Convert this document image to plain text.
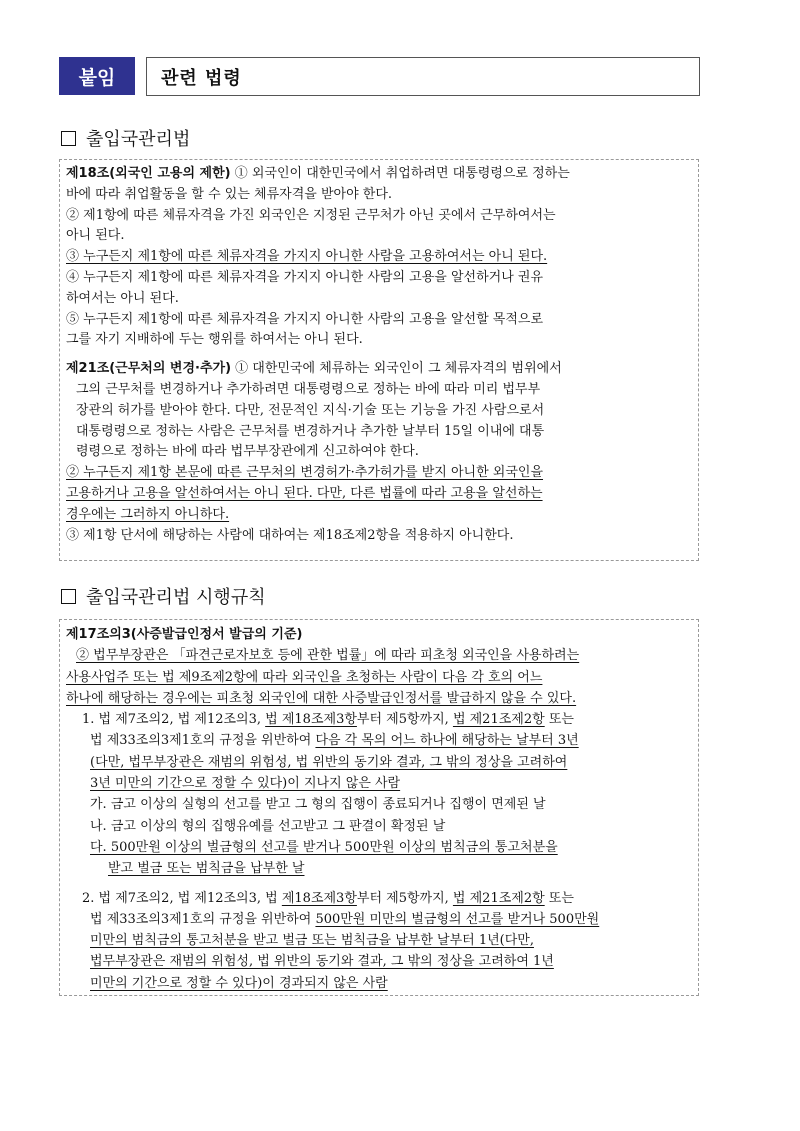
붙임	관련 법령
출입국관리법
제18조(외국인 고용의 제한) ① 외국인이 대한민국에서 취업하려면 대통령령으로 정하는
바에 따라 취업활동을 할 수 있는 체류자격을 받아야 한다.
② 제1항에 따른 체류자격을 가진 외국인은 지정된 근무처가 아닌 곳에서 근무하여서는
아니 된다.
③ 누구든지 제1항에 따른 체류자격을 가지지 아니한 사람을 고용하여서는 아니 된다.
④ 누구든지 제1항에 따른 체류자격을 가지지 아니한 사람의 고용을 알선하거나 권유
하여서는 아니 된다.
⑤ 누구든지 제1항에 따른 체류자격을 가지지 아니한 사람의 고용을 알선할 목적으로
그를 자기 지배하에 두는 행위를 하여서는 아니 된다.
제21조(근무처의 변경·추가) ① 대한민국에 체류하는 외국인이 그 체류자격의 범위에서
그의 근무처를 변경하거나 추가하려면 대통령령으로 정하는 바에 따라 미리 법무부
장관의 허가를 받아야 한다. 다만, 전문적인 지식·기술 또는 기능을 가진 사람으로서
대통령령으로 정하는 사람은 근무처를 변경하거나 추가한 날부터 15일 이내에 대통
령령으로 정하는 바에 따라 법무부장관에게 신고하여야 한다.
② 누구든지 제1항 본문에 따른 근무처의 변경허가·추가허가를 받지 아니한 외국인을
고용하거나 고용을 알선하여서는 아니 된다. 다만, 다른 법률에 따라 고용을 알선하는
경우에는 그러하지 아니하다.
③ 제1항 단서에 해당하는 사람에 대하여는 제18조제2항을 적용하지 아니한다.
출입국관리법 시행규칙
제17조의3(사증발급인정서 발급의 기준)
② 법무부장관은 「파견근로자보호 등에 관한 법률」에 따라 피초청 외국인을 사용하려는
사용사업주 또는 법 제9조제2항에 따라 외국인을 초청하는 사람이 다음 각 호의 어느
하나에 해당하는 경우에는 피초청 외국인에 대한 사증발급인정서를 발급하지 않을 수 있다.
1. 법 제7조의2, 법 제12조의3, 법 제18조제3항부터 제5항까지, 법 제21조제2항 또는
법 제33조의3제1호의 규정을 위반하여 다음 각 목의 어느 하나에 해당하는 날부터 3년
(다만, 법무부장관은 재범의 위험성, 법 위반의 동기와 결과, 그 밖의 정상을 고려하여
3년 미만의 기간으로 정할 수 있다)이 지나지 않은 사람
가. 금고 이상의 실형의 선고를 받고 그 형의 집행이 종료되거나 집행이 면제된 날
나. 금고 이상의 형의 집행유예를 선고받고 그 판결이 확정된 날
다. 500만원 이상의 벌금형의 선고를 받거나 500만원 이상의 범칙금의 통고처분을
받고 벌금 또는 범칙금을 납부한 날
2. 법 제7조의2, 법 제12조의3, 법 제18조제3항부터 제5항까지, 법 제21조제2항 또는
법 제33조의3제1호의 규정을 위반하여 500만원 미만의 벌금형의 선고를 받거나 500만원
미만의 범칙금의 통고처분을 받고 벌금 또는 범칙금을 납부한 날부터 1년(다만,
법무부장관은 재범의 위험성, 법 위반의 동기와 결과, 그 밖의 정상을 고려하여 1년
미만의 기간으로 정할 수 있다)이 경과되지 않은 사람
